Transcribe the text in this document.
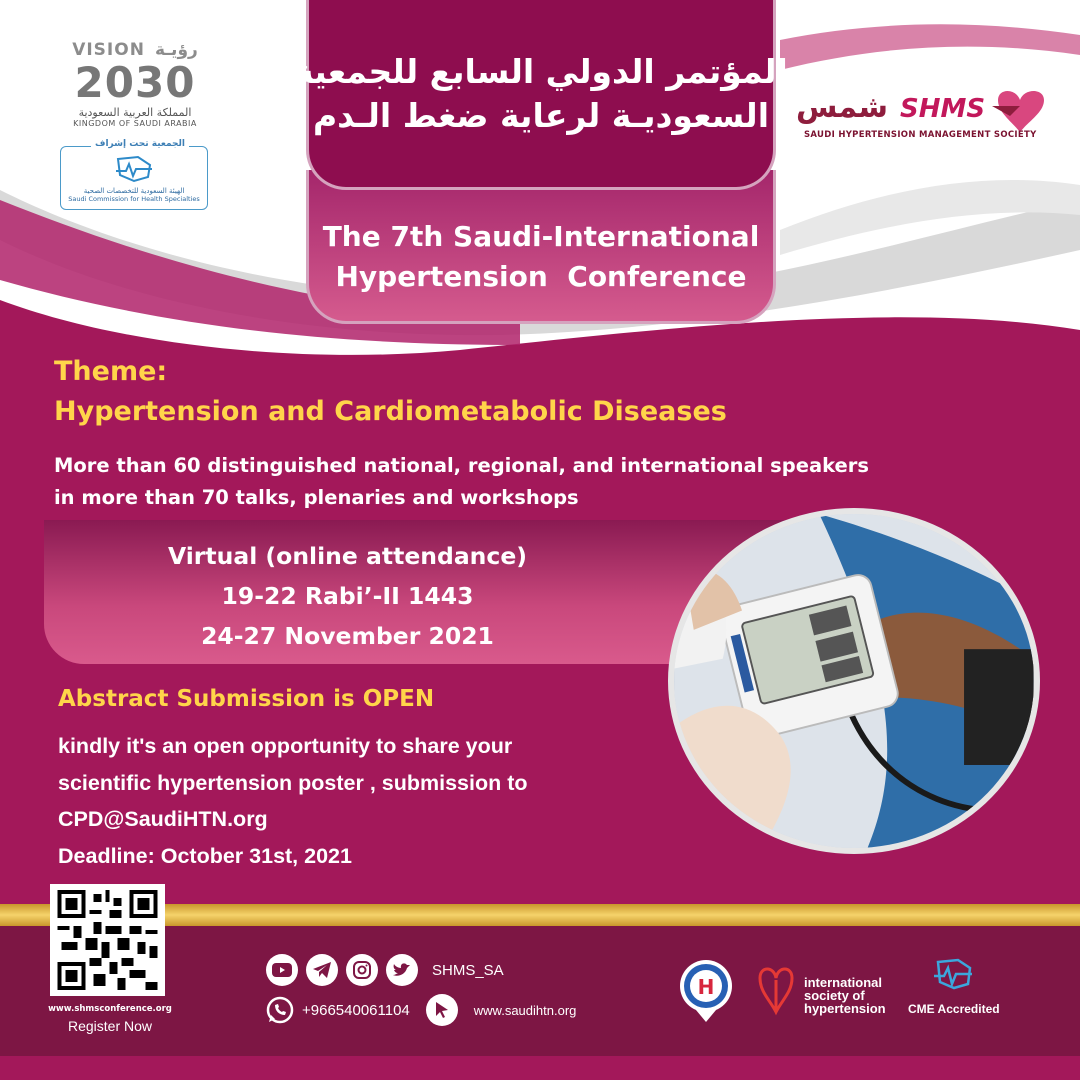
VISION رؤيـة
2030
المملكة العربية السعودية
KINGDOM OF SAUDI ARABIA
الجمعية تحت إشراف
الهيئة السعودية للتخصصات الصحية
Saudi Commission for Health Specialties
The 7th Saudi-International
Hypertension  Conference
المؤتمر الدولي السابع للجمعية
السعوديـة لرعاية ضغط الـدم شمس SHMS
SAUDI HYPERTENSION MANAGEMENT SOCIETY
Theme:
Hypertension and Cardiometabolic Diseases
More than 60 distinguished national, regional, and international speakers
in more than 70 talks, plenaries and workshops
Virtual (online attendance)
19-22 Rabi’-II 1443
24-27 November 2021
Abstract Submission is OPEN
kindly it's an open opportunity to share your
scientific hypertension poster , submission to
CPD@SaudiHTN.org
Deadline: October 31st, 2021
www.shmsconference.org
Register Now
SHMS_SA
+966540061104	www.saudihtn.org
H	international
society of
hypertension CME Accredited
